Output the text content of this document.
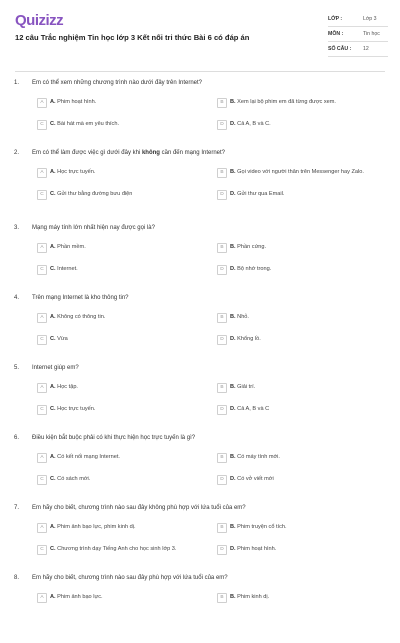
Quizizz
12 câu Trắc nghiệm Tin học lớp 3 Kết nối tri thức Bài 6 có đáp án
LỚP :	Lớp 3
MÔN :	Tin học
SỐ CÂU : 12
1. Em có thể xem những chương trình nào dưới đây trên Internet?
A	A. Phim hoạt hình.	B	B. Xem lại bộ phim em đã từng được xem.
C	C. Bài hát mà em yêu thích.	D	D. Cả A, B và C.
2. Em có thể làm được việc gì dưới đây khi không cần đến mạng Internet?
A	A. Học trực tuyến.	B	B. Gọi video với người thân trên Messenger hay Zalo.
C	C. Gửi thư bằng đường bưu điện	D	D. Gửi thư qua Email.
3. Mạng máy tính lớn nhất hiện nay được gọi là?
A	A. Phần mềm.	B	B. Phần cứng.
C	C. Internet.	D	D. Bộ nhớ trong.
4. Trên mạng Internet là kho thông tin?
A	A. Không có thông tin.	B	B. Nhỏ.
C	C. Vừa	D	D. Khổng lồ.
5. Internet giúp em?
A	A. Học tập.	B	B. Giải trí.
C	C. Học trực tuyến.	D	D. Cả A, B và C
6. Điều kiện bắt buộc phải có khi thực hiện học trực tuyến là gì?
A	A. Có kết nối mạng Internet.	B	B. Có máy tính mới.
C	C. Có sách mới.	D	D. Có vở viết mới
7. Em hãy cho biết, chương trình nào sau đây không phù hợp với lứa tuổi của em?
A	A. Phim ảnh bạo lực, phim kinh dị.	B	B. Phim truyện cổ tích.
C	C. Chương trình dạy Tiếng Anh cho học sinh lớp 3.	D	D. Phim hoạt hình.
8. Em hãy cho biết, chương trình nào sau đây phù hợp với lứa tuổi của em?
A	A. Phim ảnh bạo lực.	B	B. Phim kinh dị.
